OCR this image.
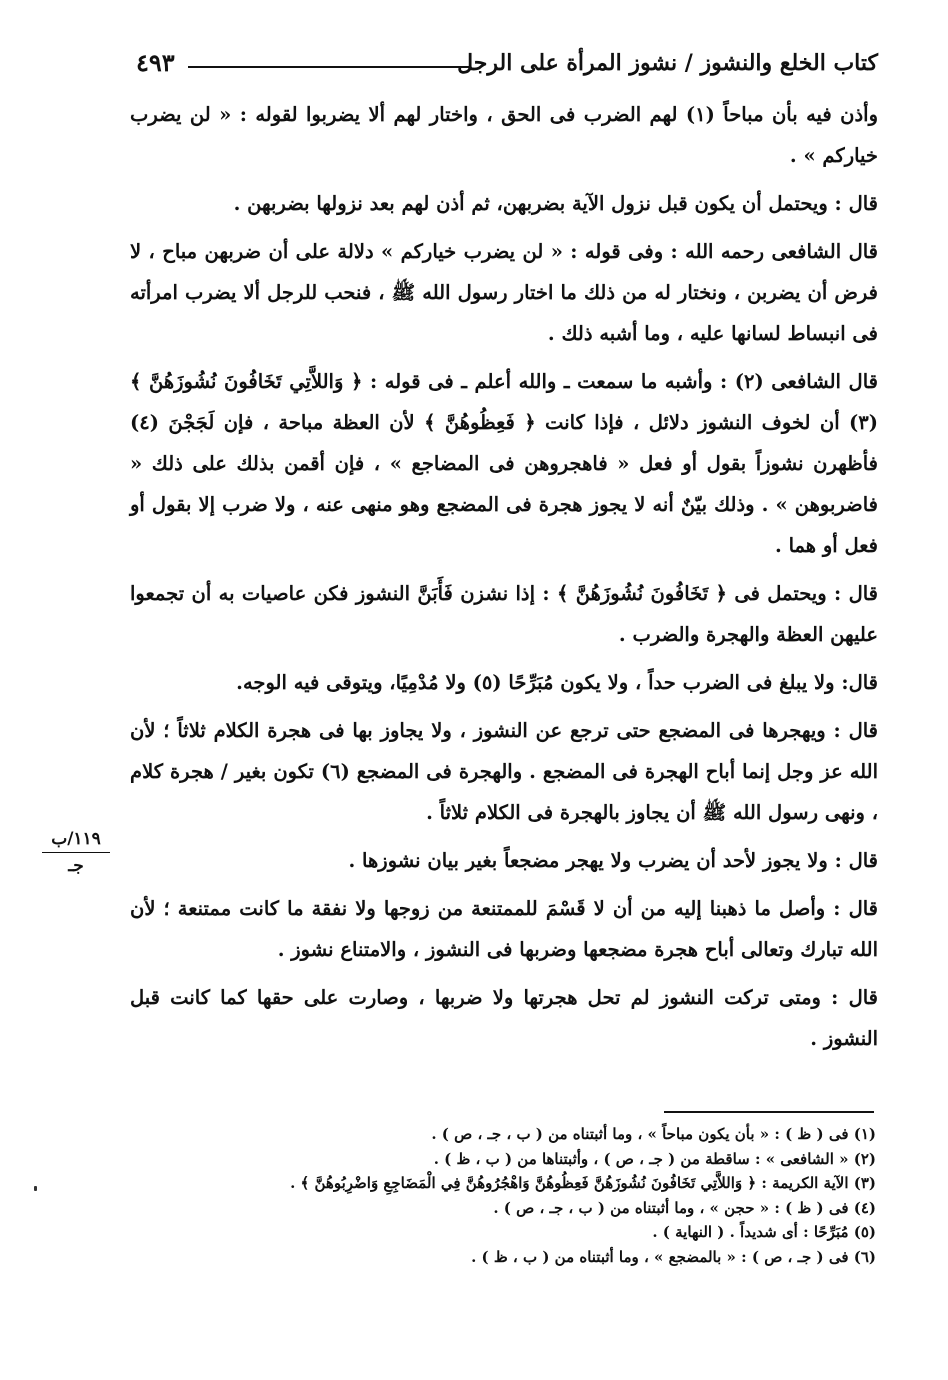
كتاب الخلع والنشوز / نشوز المرأة على الرجل
٤٩٣

وأذن فيه بأن مباحاً (١) لهم الضرب فى الحق ، واختار لهم ألا يضربوا لقوله : « لن يضرب خياركم » .

قال : ويحتمل أن يكون قبل نزول الآية بضربهن، ثم أذن لهم بعد نزولها بضربهن .

قال الشافعى رحمه الله : وفى قوله : « لن يضرب خياركم » دلالة على أن ضربهن مباح ، لا فرض أن يضربن ، ونختار له من ذلك ما اختار رسول الله ﷺ ، فنحب للرجل ألا يضرب امرأته فى انبساط لسانها عليه ، وما أشبه ذلك .

قال الشافعى (٢) : وأشبه ما سمعت ـ والله أعلم ـ فى قوله : ﴿ وَاللاَّتِي تَخَافُونَ نُشُوزَهُنَّ ﴾ (٣) أن لخوف النشوز دلائل ، فإذا كانت ﴿ فَعِظُوهُنَّ ﴾ لأن العظة مباحة ، فإن لَجَجْنَ (٤) فأظهرن نشوزاً بقول أو فعل « فاهجروهن فى المضاجع » ، فإن أقمن بذلك على ذلك « فاضربوهن » . وذلك بيّنٌ أنه لا يجوز هجرة فى المضجع وهو منهى عنه ، ولا ضرب إلا بقول أو فعل أو هما .

قال : ويحتمل فى ﴿ تَخَافُونَ نُشُوزَهُنَّ ﴾ : إذا نشزن فَأَبَنَّ النشوز فكن عاصيات به أن تجمعوا عليهن العظة والهجرة والضرب .

قال: ولا يبلغ فى الضرب حداً ، ولا يكون مُبَرِّحًا (٥) ولا مُدْمِيًا، ويتوقى فيه الوجه.

قال : ويهجرها فى المضجع حتى ترجع عن النشوز ، ولا يجاوز بها فى هجرة الكلام ثلاثاً ؛ لأن الله عز وجل إنما أباح الهجرة فى المضجع . والهجرة فى المضجع (٦) تكون بغير / هجرة كلام ، ونهى رسول الله ﷺ أن يجاوز بالهجرة فى الكلام ثلاثاً .

قال : ولا يجوز لأحد أن يضرب ولا يهجر مضجعاً بغير بيان نشوزها .

قال : وأصل ما ذهبنا إليه من أن لا قَسْمَ للممتنعة من زوجها ولا نفقة ما كانت ممتنعة ؛ لأن الله تبارك وتعالى أباح هجرة مضجعها وضربها فى النشوز ، والامتناع نشوز .

قال : ومتى تركت النشوز لم تحل هجرتها ولا ضربها ، وصارت على حقها كما كانت قبل النشوز .

١١٩/ب
جـ

(١) فى ( ظ ) : « بأن يكون مباحاً » ، وما أثبتناه من ( ب ، جـ ، ص ) .

(٢) « الشافعى » : ساقطة من ( جـ ، ص ) ، وأثبتناها من ( ب ، ظ ) .

(٣) الآية الكريمة : ﴿ وَاللاَّتِي تَخَافُونَ نُشُوزَهُنَّ فَعِظُوهُنَّ وَاهْجُرُوهُنَّ فِي الْمَضَاجِعِ وَاضْرِبُوهُنَّ ﴾ .

(٤) فى ( ظ ) : « حجن » ، وما أثبتناه من ( ب ، جـ ، ص ) .

(٥) مُبَرِّحًا : أى شديداً . ( النهاية ) .

(٦) فى ( جـ ، ص ) : « بالمضجع » ، وما أثبتناه من ( ب ، ظ ) .
